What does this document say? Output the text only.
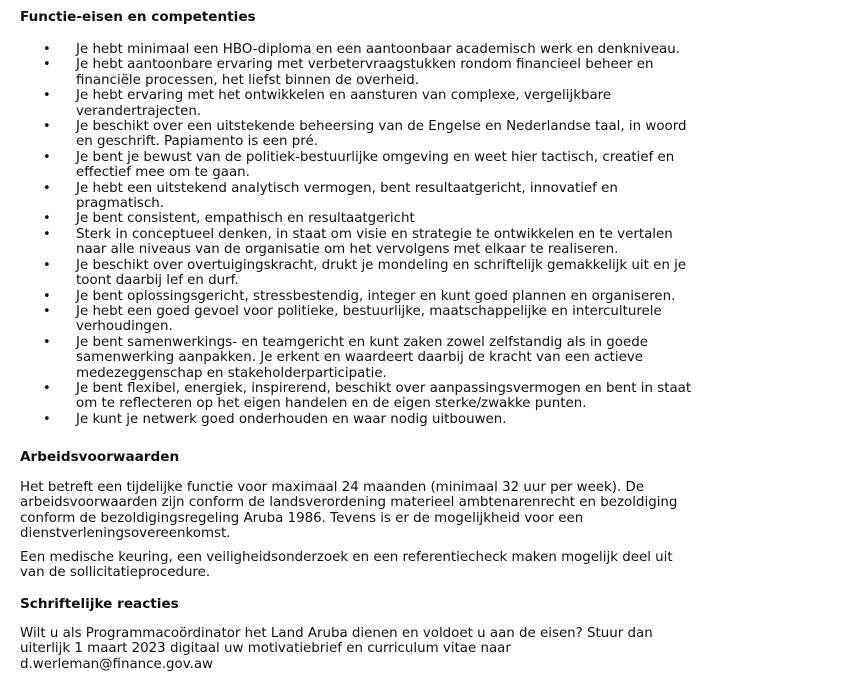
Functie-eisen en competenties
• Je hebt minimaal een HBO-diploma en een aantoonbaar academisch werk en denkniveau.
• Je hebt aantoonbare ervaring met verbetervraagstukken rondom financieel beheer en
financiële processen, het liefst binnen de overheid.
• Je hebt ervaring met het ontwikkelen en aansturen van complexe, vergelijkbare
verandertrajecten.
• Je beschikt over een uitstekende beheersing van de Engelse en Nederlandse taal, in woord
en geschrift. Papiamento is een pré.
• Je bent je bewust van de politiek-bestuurlijke omgeving en weet hier tactisch, creatief en
effectief mee om te gaan.
• Je hebt een uitstekend analytisch vermogen, bent resultaatgericht, innovatief en
pragmatisch.
• Je bent consistent, empathisch en resultaatgericht
• Sterk in conceptueel denken, in staat om visie en strategie te ontwikkelen en te vertalen
naar alle niveaus van de organisatie om het vervolgens met elkaar te realiseren.
• Je beschikt over overtuigingskracht, drukt je mondeling en schriftelijk gemakkelijk uit en je
toont daarbij lef en durf.
• Je bent oplossingsgericht, stressbestendig, integer en kunt goed plannen en organiseren.
• Je hebt een goed gevoel voor politieke, bestuurlijke, maatschappelijke en interculturele
verhoudingen.
• Je bent samenwerkings- en teamgericht en kunt zaken zowel zelfstandig als in goede
samenwerking aanpakken. Je erkent en waardeert daarbij de kracht van een actieve
medezeggenschap en stakeholderparticipatie.
• Je bent flexibel, energiek, inspirerend, beschikt over aanpassingsvermogen en bent in staat
om te reflecteren op het eigen handelen en de eigen sterke/zwakke punten.
• Je kunt je netwerk goed onderhouden en waar nodig uitbouwen.
Arbeidsvoorwaarden

Het betreft een tijdelijke functie voor maximaal 24 maanden (minimaal 32 uur per week). De
arbeidsvoorwaarden zijn conform de landsverordening materieel ambtenarenrecht en bezoldiging
conform de bezoldigingsregeling Aruba 1986. Tevens is er de mogelijkheid voor een
dienstverleningsovereenkomst.

Een medische keuring, een veiligheidsonderzoek en een referentiecheck maken mogelijk deel uit
van de sollicitatieprocedure.

Schriftelijke reacties

Wilt u als Programmacoördinator het Land Aruba dienen en voldoet u aan de eisen? Stuur dan
uiterlijk 1 maart 2023 digitaal uw motivatiebrief en curriculum vitae naar
d.werleman@finance.gov.aw
